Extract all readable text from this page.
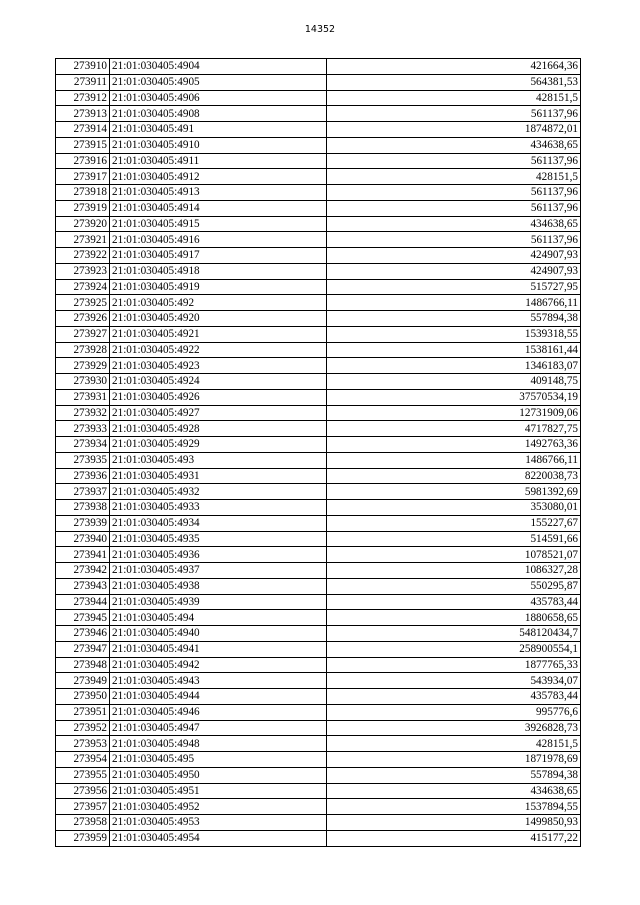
14352
273910	21:01:030405:4904	421664,36
273911	21:01:030405:4905	564381,53
273912	21:01:030405:4906	428151,5
273913	21:01:030405:4908	561137,96
273914	21:01:030405:491	1874872,01
273915	21:01:030405:4910	434638,65
273916	21:01:030405:4911	561137,96
273917	21:01:030405:4912	428151,5
273918	21:01:030405:4913	561137,96
273919	21:01:030405:4914	561137,96
273920	21:01:030405:4915	434638,65
273921	21:01:030405:4916	561137,96
273922	21:01:030405:4917	424907,93
273923	21:01:030405:4918	424907,93
273924	21:01:030405:4919	515727,95
273925	21:01:030405:492	1486766,11
273926	21:01:030405:4920	557894,38
273927	21:01:030405:4921	1539318,55
273928	21:01:030405:4922	1538161,44
273929	21:01:030405:4923	1346183,07
273930	21:01:030405:4924	409148,75
273931	21:01:030405:4926	37570534,19
273932	21:01:030405:4927	12731909,06
273933	21:01:030405:4928	4717827,75
273934	21:01:030405:4929	1492763,36
273935	21:01:030405:493	1486766,11
273936	21:01:030405:4931	8220038,73
273937	21:01:030405:4932	5981392,69
273938	21:01:030405:4933	353080,01
273939	21:01:030405:4934	155227,67
273940	21:01:030405:4935	514591,66
273941	21:01:030405:4936	1078521,07
273942	21:01:030405:4937	1086327,28
273943	21:01:030405:4938	550295,87
273944	21:01:030405:4939	435783,44
273945	21:01:030405:494	1880658,65
273946	21:01:030405:4940	548120434,7
273947	21:01:030405:4941	258900554,1
273948	21:01:030405:4942	1877765,33
273949	21:01:030405:4943	543934,07
273950	21:01:030405:4944	435783,44
273951	21:01:030405:4946	995776,6
273952	21:01:030405:4947	3926828,73
273953	21:01:030405:4948	428151,5
273954	21:01:030405:495	1871978,69
273955	21:01:030405:4950	557894,38
273956	21:01:030405:4951	434638,65
273957	21:01:030405:4952	1537894,55
273958	21:01:030405:4953	1499850,93
273959	21:01:030405:4954	415177,22
